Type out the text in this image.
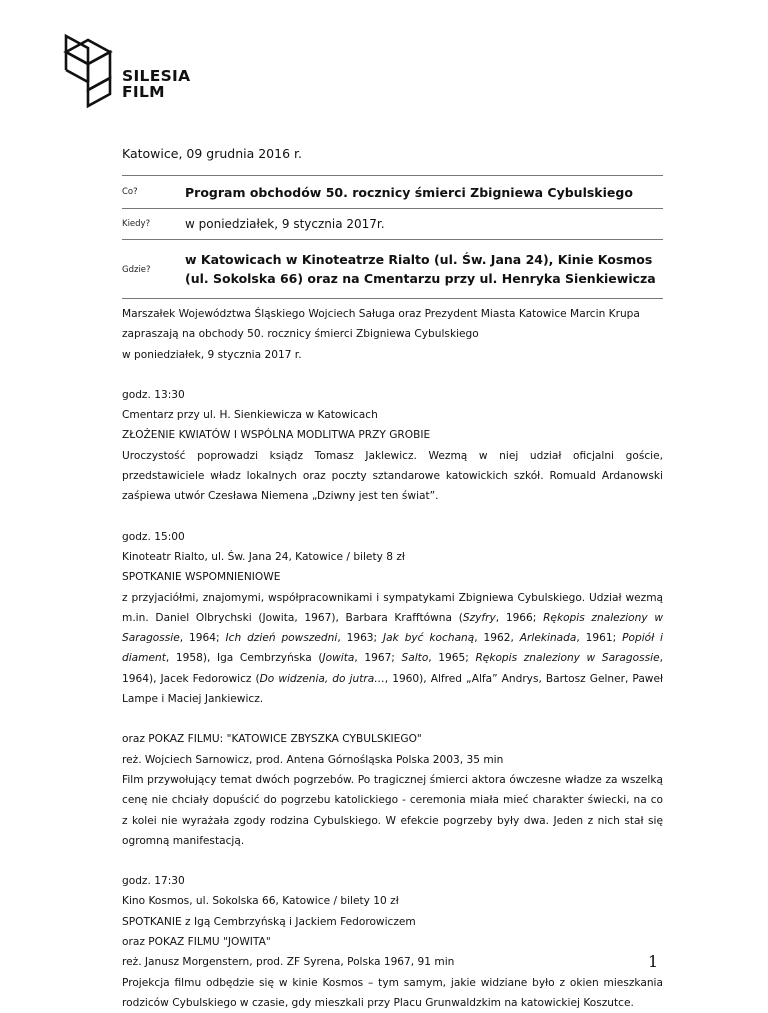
SILESIA
FILM
Katowice, 09 grudnia 2016 r.
Co?	Program obchodów 50. rocznicy śmierci Zbigniewa Cybulskiego
Kiedy?	w poniedziałek, 9 stycznia 2017r.
Gdzie?	w Katowicach w Kinoteatrze Rialto (ul. Św. Jana 24), Kinie Kosmos (ul. Sokolska 66) oraz na Cmentarzu przy ul. Henryka Sienkiewicza

Marszałek Województwa Śląskiego Wojciech Saługa oraz Prezydent Miasta Katowice Marcin Krupa

zapraszają na obchody 50. rocznicy śmierci Zbigniewa Cybulskiego

w poniedziałek, 9 stycznia 2017 r.

godz. 13:30

Cmentarz przy ul. H. Sienkiewicza w Katowicach

ZŁOŻENIE KWIATÓW I WSPÓLNA MODLITWA PRZY GROBIE

Uroczystość poprowadzi ksiądz Tomasz Jaklewicz. Wezmą w niej udział oficjalni goście, przedstawiciele władz lokalnych oraz poczty sztandarowe katowickich szkół. Romuald Ardanowski zaśpiewa utwór Czesława Niemena „Dziwny jest ten świat”.

godz. 15:00

Kinoteatr Rialto, ul. Św. Jana 24, Katowice / bilety 8 zł

SPOTKANIE WSPOMNIENIOWE

z przyjaciółmi, znajomymi, współpracownikami i sympatykami Zbigniewa Cybulskiego. Udział wezmą m.in. Daniel Olbrychski (Jowita, 1967), Barbara Krafftówna (Szyfry, 1966; Rękopis znaleziony w Saragossie, 1964; Ich dzień powszedni, 1963; Jak być kochaną, 1962, Arlekinada, 1961; Popiół i diament, 1958), Iga Cembrzyńska (Jowita, 1967; Salto, 1965; Rękopis znaleziony w Saragossie, 1964), Jacek Fedorowicz (Do widzenia, do jutra…, 1960), Alfred „Alfa” Andrys, Bartosz Gelner, Paweł Lampe i Maciej Jankiewicz.

oraz POKAZ FILMU: "KATOWICE ZBYSZKA CYBULSKIEGO"

reż. Wojciech Sarnowicz, prod. Antena Górnośląska Polska 2003, 35 min

Film przywołujący temat dwóch pogrzebów. Po tragicznej śmierci aktora ówczesne władze za wszelką cenę nie chciały dopuścić do pogrzebu katolickiego - ceremonia miała mieć charakter świecki, na co z kolei nie wyrażała zgody rodzina Cybulskiego. W efekcie pogrzeby były dwa. Jeden z nich stał się ogromną manifestacją.

godz. 17:30

Kino Kosmos, ul. Sokolska 66, Katowice / bilety 10 zł

SPOTKANIE z Igą Cembrzyńską i Jackiem Fedorowiczem

oraz POKAZ FILMU "JOWITA"

reż. Janusz Morgenstern, prod. ZF Syrena, Polska 1967, 91 min

Projekcja filmu odbędzie się w kinie Kosmos – tym samym, jakie widziane było z okien mieszkania rodziców Cybulskiego w czasie, gdy mieszkali przy Placu Grunwaldzkim na katowickiej Koszutce.

1
